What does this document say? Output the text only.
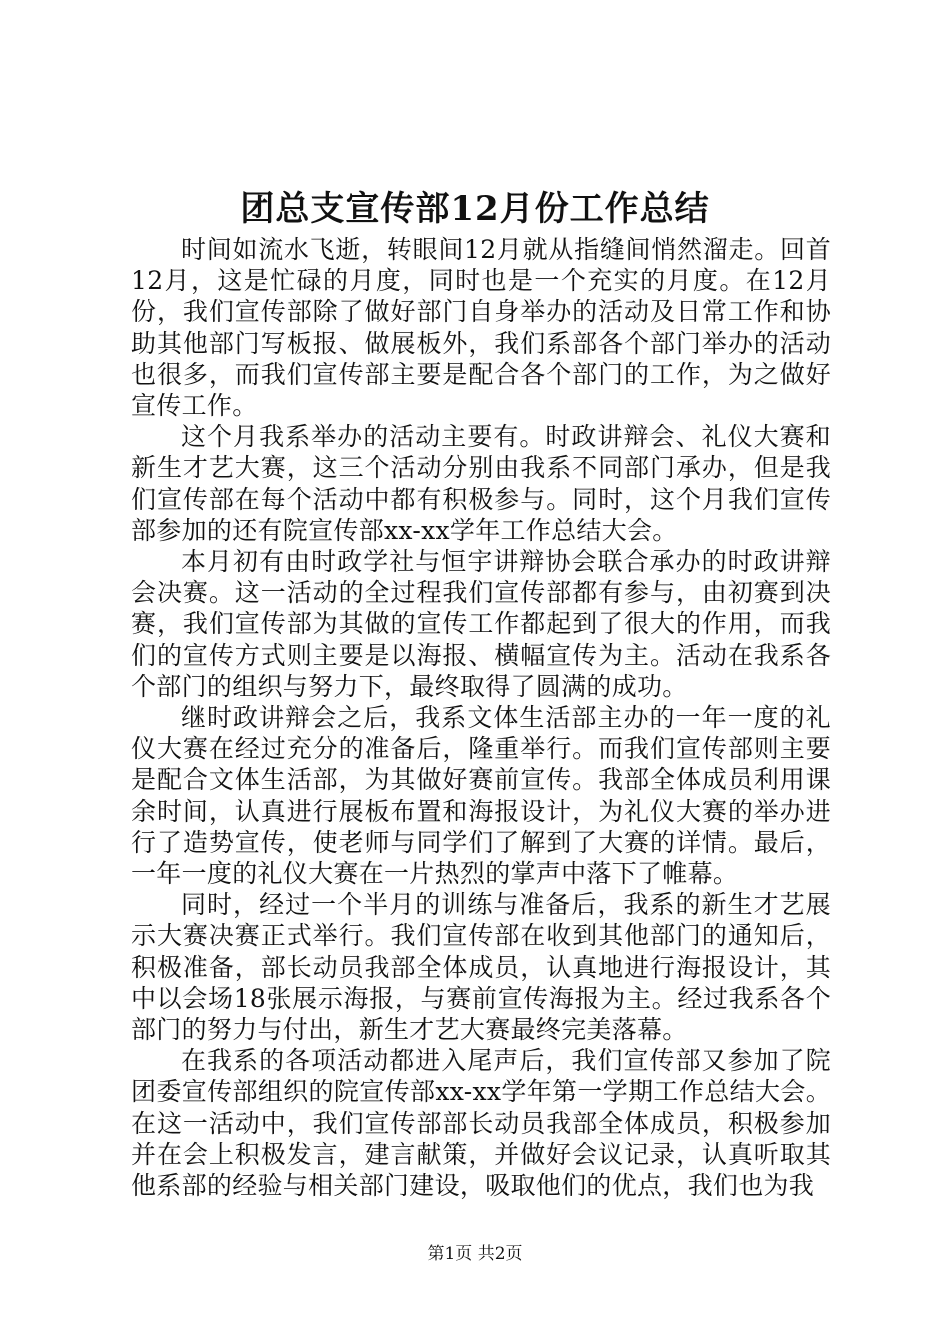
团总支宣传部12月份工作总结

时间如流水飞逝，转眼间12月就从指缝间悄然溜走。回首12月，这是忙碌的月度，同时也是一个充实的月度。在12月份，我们宣传部除了做好部门自身举办的活动及日常工作和协助其他部门写板报、做展板外，我们系部各个部门举办的活动也很多，而我们宣传部主要是配合各个部门的工作，为之做好宣传工作。

这个月我系举办的活动主要有。时政讲辩会、礼仪大赛和新生才艺大赛，这三个活动分别由我系不同部门承办，但是我们宣传部在每个活动中都有积极参与。同时，这个月我们宣传部参加的还有院宣传部xx-xx学年工作总结大会。

本月初有由时政学社与恒宇讲辩协会联合承办的时政讲辩会决赛。这一活动的全过程我们宣传部都有参与，由初赛到决赛，我们宣传部为其做的宣传工作都起到了很大的作用，而我们的宣传方式则主要是以海报、横幅宣传为主。活动在我系各个部门的组织与努力下，最终取得了圆满的成功。

继时政讲辩会之后，我系文体生活部主办的一年一度的礼仪大赛在经过充分的准备后，隆重举行。而我们宣传部则主要是配合文体生活部，为其做好赛前宣传。我部全体成员利用课余时间，认真进行展板布置和海报设计，为礼仪大赛的举办进行了造势宣传，使老师与同学们了解到了大赛的详情。最后，一年一度的礼仪大赛在一片热烈的掌声中落下了帷幕。

同时，经过一个半月的训练与准备后，我系的新生才艺展示大赛决赛正式举行。我们宣传部在收到其他部门的通知后，积极准备，部长动员我部全体成员，认真地进行海报设计，其中以会场18张展示海报，与赛前宣传海报为主。经过我系各个部门的努力与付出，新生才艺大赛最终完美落幕。

在我系的各项活动都进入尾声后，我们宣传部又参加了院团委宣传部组织的院宣传部xx-xx学年第一学期工作总结大会。在这一活动中，我们宣传部部长动员我部全体成员，积极参加并在会上积极发言，建言献策，并做好会议记录，认真听取其他系部的经验与相关部门建设，吸取他们的优点，我们也为我

第1页 共2页
